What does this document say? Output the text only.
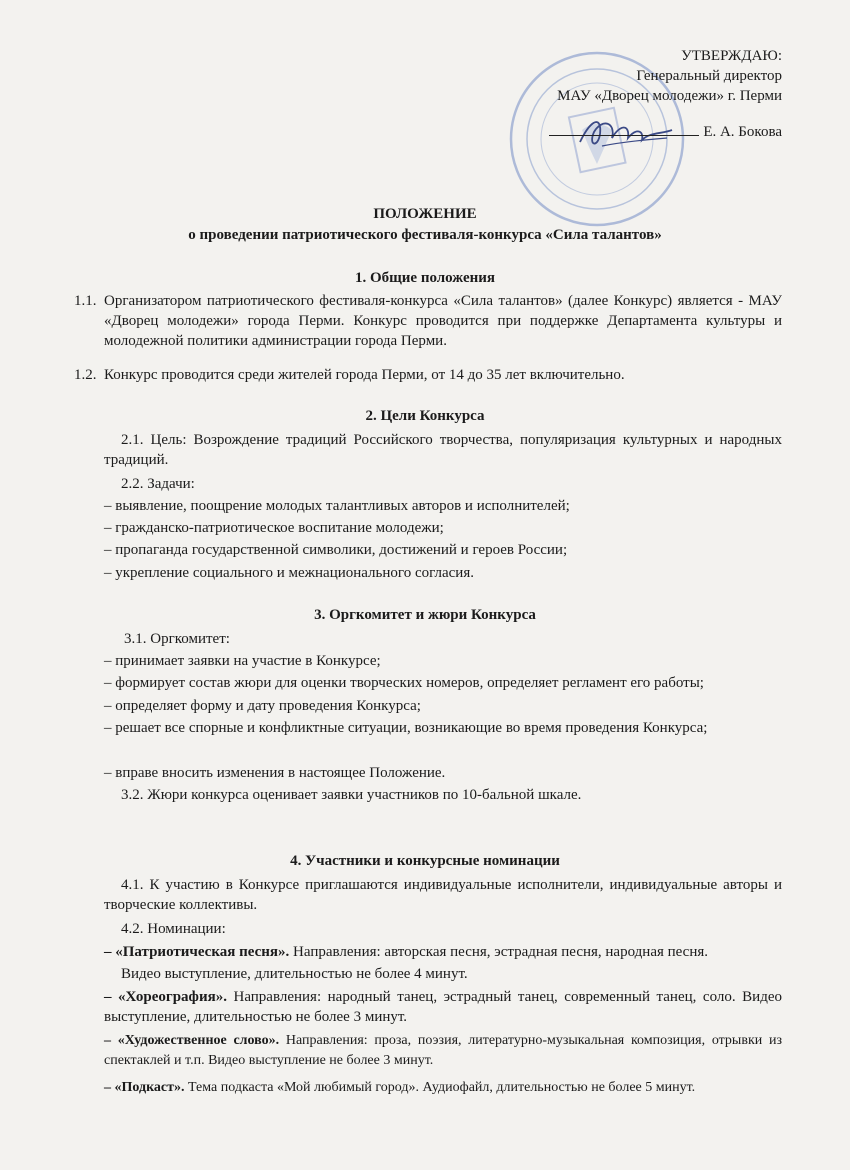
УТВЕРЖДАЮ:
Генеральный директор
МАУ «Дворец молодежи» г. Перми
Е. А. Бокова
ПОЛОЖЕНИЕ
о проведении патриотического фестиваля-конкурса «Сила талантов»
1. Общие положения
1.1. Организатором патриотического фестиваля-конкурса «Сила талантов» (далее Конкурс) является - МАУ «Дворец молодежи» города Перми. Конкурс проводится при поддержке Департамента культуры и молодежной политики администрации города Перми.
1.2. Конкурс проводится среди жителей города Перми, от 14 до 35 лет включительно.
2. Цели Конкурса
2.1. Цель: Возрождение традиций Российского творчества, популяризация культурных и народных традиций.
2.2. Задачи:
– выявление, поощрение молодых талантливых авторов и исполнителей;
– гражданско-патриотическое воспитание молодежи;
– пропаганда государственной символики, достижений и героев России;
– укрепление социального и межнационального согласия.
3. Оргкомитет и жюри Конкурса
3.1. Оргкомитет:
– принимает заявки на участие в Конкурсе;
– формирует состав жюри для оценки творческих номеров, определяет регламент его работы;
– определяет форму и дату проведения Конкурса;
– решает все спорные и конфликтные ситуации, возникающие во время проведения Конкурса;
– вправе вносить изменения в настоящее Положение.
3.2. Жюри конкурса оценивает заявки участников по 10-бальной шкале.
4. Участники и конкурсные номинации
4.1. К участию в Конкурсе приглашаются индивидуальные исполнители, индивидуальные авторы и творческие коллективы.
4.2. Номинации:
– «Патриотическая песня». Направления: авторская песня, эстрадная песня, народная песня.
Видео выступление, длительностью не более 4 минут.
– «Хореография». Направления: народный танец, эстрадный танец, современный танец, соло. Видео выступление, длительностью не более 3 минут.
– «Художественное слово». Направления: проза, поэзия, литературно-музыкальная композиция, отрывки из спектаклей и т.п. Видео выступление не более 3 минут.
– «Подкаст». Тема подкаста «Мой любимый город». Аудиофайл, длительностью не более 5 минут.
